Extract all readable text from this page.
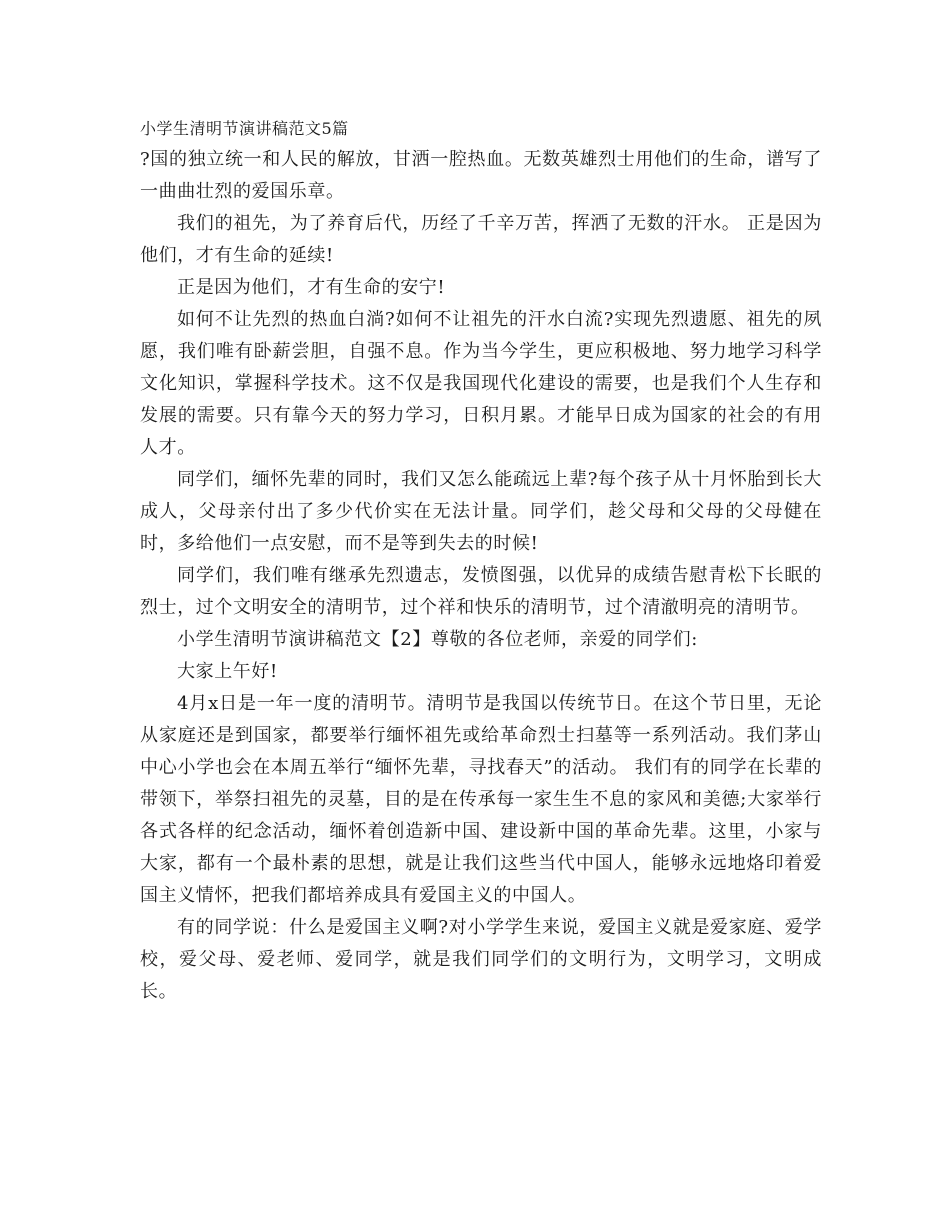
小学生清明节演讲稿范文5篇

?国的独立统一和人民的解放，甘洒一腔热血。无数英雄烈士用他们的生命，谱写了一曲曲壮烈的爱国乐章。

我们的祖先，为了养育后代，历经了千辛万苦，挥洒了无数的汗水。 正是因为他们，才有生命的延续!

正是因为他们，才有生命的安宁!

如何不让先烈的热血白淌?如何不让祖先的汗水白流?实现先烈遗愿、祖先的夙愿，我们唯有卧薪尝胆，自强不息。作为当今学生，更应积极地、努力地学习科学文化知识，掌握科学技术。这不仅是我国现代化建设的需要，也是我们个人生存和发展的需要。只有靠今天的努力学习，日积月累。才能早日成为国家的社会的有用人才。

同学们，缅怀先辈的同时，我们又怎么能疏远上辈?每个孩子从十月怀胎到长大成人，父母亲付出了多少代价实在无法计量。同学们，趁父母和父母的父母健在时，多给他们一点安慰，而不是等到失去的时候!

同学们，我们唯有继承先烈遗志，发愤图强，以优异的成绩告慰青松下长眠的烈士，过个文明安全的清明节，过个祥和快乐的清明节，过个清澈明亮的清明节。

小学生清明节演讲稿范文【2】尊敬的各位老师，亲爱的同学们:

大家上午好!

4月x日是一年一度的清明节。清明节是我国以传统节日。在这个节日里，无论从家庭还是到国家，都要举行缅怀祖先或给革命烈士扫墓等一系列活动。我们茅山中心小学也会在本周五举行“缅怀先辈，寻找春天”的活动。 我们有的同学在长辈的带领下，举祭扫祖先的灵墓，目的是在传承每一家生生不息的家风和美德;大家举行各式各样的纪念活动，缅怀着创造新中国、建设新中国的革命先辈。这里，小家与大家，都有一个最朴素的思想，就是让我们这些当代中国人，能够永远地烙印着爱国主义情怀，把我们都培养成具有爱国主义的中国人。

有的同学说：什么是爱国主义啊?对小学学生来说，爱国主义就是爱家庭、爱学校，爱父母、爱老师、爱同学，就是我们同学们的文明行为，文明学习，文明成长。
